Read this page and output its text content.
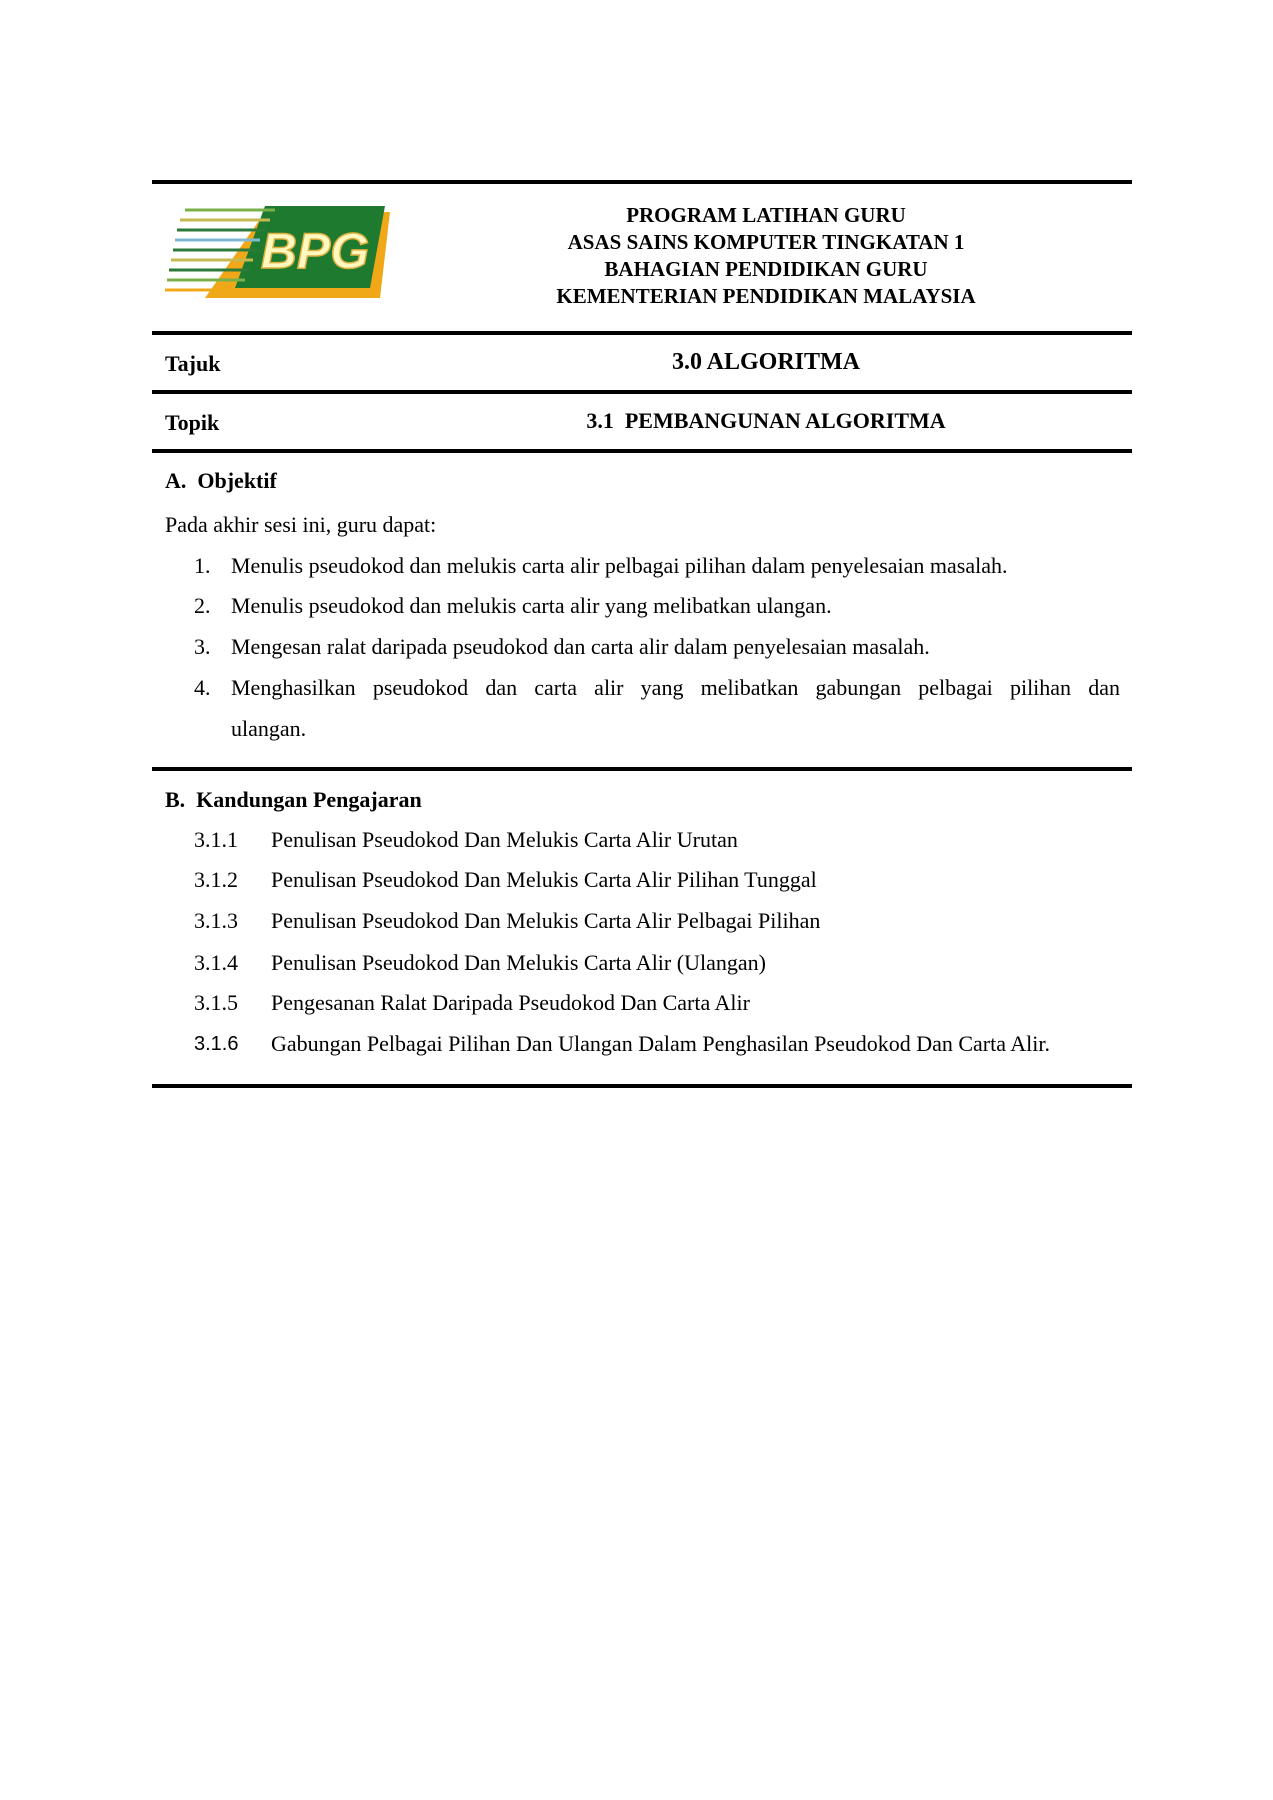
BPG
PROGRAM LATIHAN GURU
ASAS SAINS KOMPUTER TINGKATAN 1
BAHAGIAN PENDIDIKAN GURU
KEMENTERIAN PENDIDIKAN MALAYSIA
Tajuk	3.0 ALGORITMA
Topik	3.1  PEMBANGUNAN ALGORITMA
A.  Objektif
Pada akhir sesi ini, guru dapat:
1. Menulis pseudokod dan melukis carta alir pelbagai pilihan dalam penyelesaian masalah.
2. Menulis pseudokod dan melukis carta alir yang melibatkan ulangan.
3. Mengesan ralat daripada pseudokod dan carta alir dalam penyelesaian masalah.
4. Menghasilkan pseudokod dan carta alir yang melibatkan gabungan pelbagai pilihan dan
ulangan.
B.  Kandungan Pengajaran
3.1.1 Penulisan Pseudokod Dan Melukis Carta Alir Urutan
3.1.2 Penulisan Pseudokod Dan Melukis Carta Alir Pilihan Tunggal
3.1.3 Penulisan Pseudokod Dan Melukis Carta Alir Pelbagai Pilihan
3.1.4 Penulisan Pseudokod Dan Melukis Carta Alir (Ulangan)
3.1.5 Pengesanan Ralat Daripada Pseudokod Dan Carta Alir
3.1.6 Gabungan Pelbagai Pilihan Dan Ulangan Dalam Penghasilan Pseudokod Dan Carta Alir.
